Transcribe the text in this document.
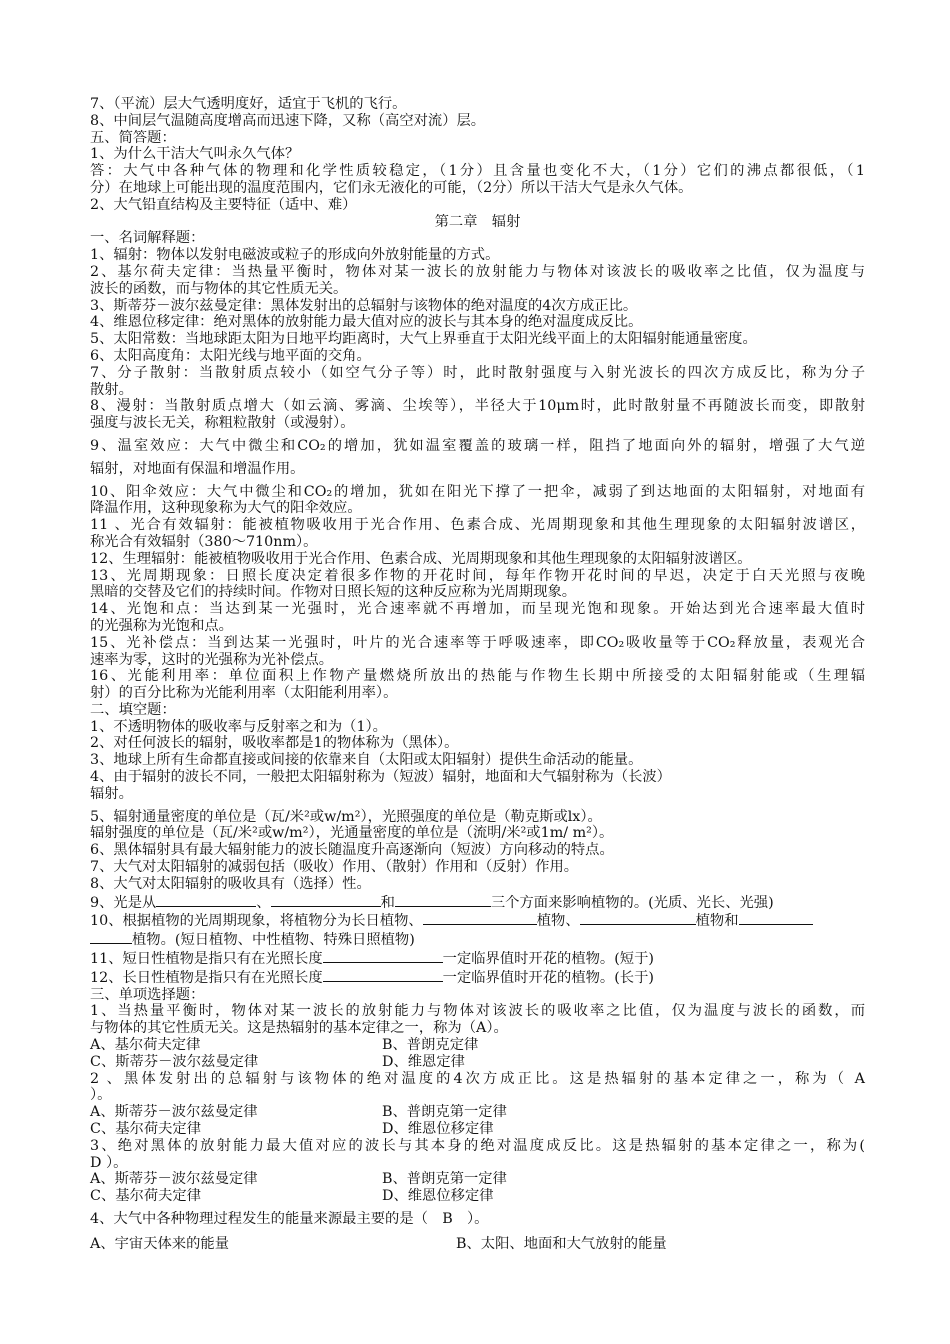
7、（平流）层大气透明度好，适宜于飞机的飞行。

8、中间层气温随高度增高而迅速下降，又称（高空对流）层。

五、简答题：

1、为什么干洁大气叫永久气体？

答：大气中各种气体的物理和化学性质较稳定，（1分）且含量也变化不大，（1分）它们的沸点都很低，（1

分）在地球上可能出现的温度范围内，它们永无液化的可能，（2分）所以干洁大气是永久气体。

2、大气铅直结构及主要特征（适中、难）

第二章　辐射

一、名词解释题：

1、辐射：物体以发射电磁波或粒子的形成向外放射能量的方式。

2、基尔荷夫定律：当热量平衡时，物体对某一波长的放射能力与物体对该波长的吸收率之比值，仅为温度与

波长的函数，而与物体的其它性质无关。

3、斯蒂芬－波尔兹曼定律：黑体发射出的总辐射与该物体的绝对温度的4次方成正比。

4、维恩位移定律：绝对黑体的放射能力最大值对应的波长与其本身的绝对温度成反比。

5、太阳常数：当地球距太阳为日地平均距离时，大气上界垂直于太阳光线平面上的太阳辐射能通量密度。

6、太阳高度角：太阳光线与地平面的交角。

7、分子散射：当散射质点较小（如空气分子等）时，此时散射强度与入射光波长的四次方成反比，称为分子

散射。

8、漫射：当散射质点增大（如云滴、雾滴、尘埃等），半径大于10μm时，此时散射量不再随波长而变，即散射

强度与波长无关，称粗粒散射（或漫射）。

9、温室效应：大气中微尘和CO₂的增加，犹如温室覆盖的玻璃一样，阻挡了地面向外的辐射，增强了大气逆

辐射，对地面有保温和增温作用。

10、阳伞效应：大气中微尘和CO₂的增加，犹如在阳光下撑了一把伞，减弱了到达地面的太阳辐射，对地面有

降温作用，这种现象称为大气的阳伞效应。

11 、光合有效辐射：能被植物吸收用于光合作用、色素合成、光周期现象和其他生理现象的太阳辐射波谱区，

称光合有效辐射（380～710nm）。

12、生理辐射：能被植物吸收用于光合作用、色素合成、光周期现象和其他生理现象的太阳辐射波谱区。

13、光周期现象：日照长度决定着很多作物的开花时间，每年作物开花时间的早迟，决定于白天光照与夜晚

黑暗的交替及它们的持续时间。作物对日照长短的这种反应称为光周期现象。

14、光饱和点：当达到某一光强时，光合速率就不再增加，而呈现光饱和现象。开始达到光合速率最大值时

的光强称为光饱和点。

15、光补偿点：当到达某一光强时，叶片的光合速率等于呼吸速率，即CO₂吸收量等于CO₂释放量，表观光合

速率为零，这时的光强称为光补偿点。

16、光能利用率：单位面积上作物产量燃烧所放出的热能与作物生长期中所接受的太阳辐射能或（生理辐

射）的百分比称为光能利用率（太阳能利用率）。

二、填空题：

1、不透明物体的吸收率与反射率之和为（1）。

2、对任何波长的辐射，吸收率都是1的物体称为（黑体）。

3、地球上所有生命都直接或间接的依靠来自（太阳或太阳辐射）提供生命活动的能量。

4、由于辐射的波长不同，一般把太阳辐射称为（短波）辐射，地面和大气辐射称为（长波）

辐射。

5、辐射通量密度的单位是（瓦/米²或w/m²），光照强度的单位是（勒克斯或lx）。

辐射强度的单位是（瓦/米²或w/m²），光通量密度的单位是（流明/米²或1m/ m²）。

6、黑体辐射具有最大辐射能力的波长随温度升高逐渐向（短波）方向移动的特点。

7、大气对太阳辐射的减弱包括（吸收）作用、（散射）作用和（反射）作用。

8、大气对太阳辐射的吸收具有（选择）性。

9、光是从	、	和	三个方面来影响植物的。(光质、光长、光强)

10、根据植物的光周期现象，将植物分为长日植物、	植物、	植物和

植物。(短日植物、中性植物、特殊日照植物)

11、短日性植物是指只有在光照长度	一定临界值时开花的植物。(短于)

12、长日性植物是指只有在光照长度	一定临界值时开花的植物。(长于)

三、单项选择题：

1、当热量平衡时，物体对某一波长的放射能力与物体对该波长的吸收率之比值，仅为温度与波长的函数，而

与物体的其它性质无关。这是热辐射的基本定律之一，称为（A）。

A、基尔荷夫定律	B、普朗克定律
C、斯蒂芬－波尔兹曼定律	D、维恩定律

2 、黑体发射出的总辐射与该物体的绝对温度的4次方成正比。这是热辐射的基本定律之一，称为（ A

）。

A、斯蒂芬－波尔兹曼定律	B、普朗克第一定律
C、基尔荷夫定律	D、维恩位移定律

3、绝对黑体的放射能力最大值对应的波长与其本身的绝对温度成反比。这是热辐射的基本定律之一，称为(

D ）。

A、斯蒂芬－波尔兹曼定律	B、普朗克第一定律
C、基尔荷夫定律	D、维恩位移定律

4、大气中各种物理过程发生的能量来源最主要的是（　B　）。

A、宇宙天体来的能量	B、太阳、地面和大气放射的能量
